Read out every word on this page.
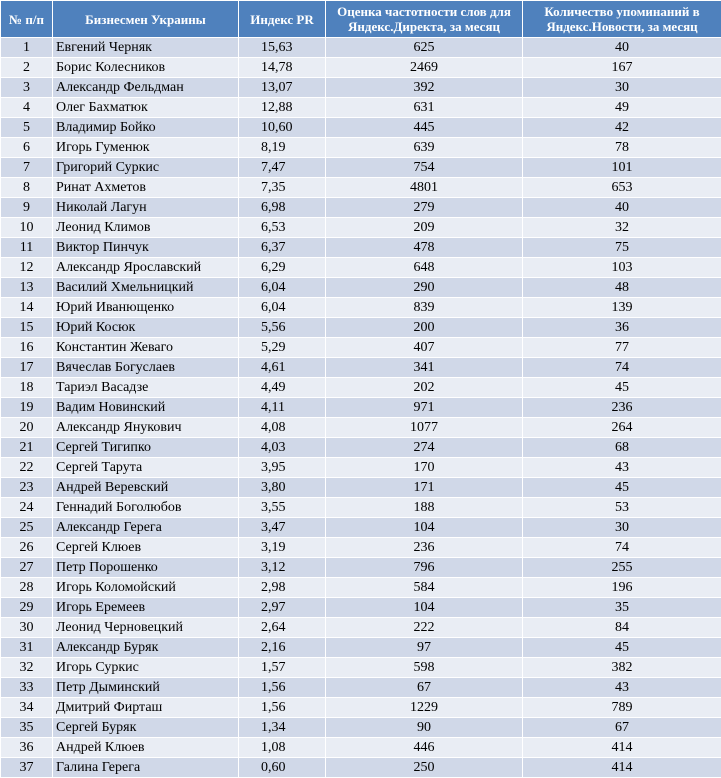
№ п/п	Бизнесмен Украины	Индекс PR	Оценка частотности слов для Яндекс.Директа, за месяц	Количество упоминаний в Яндекс.Новости, за месяц
1	Евгений Черняк	15,63	625	40
2	Борис Колесников	14,78	2469	167
3	Александр Фельдман	13,07	392	30
4	Олег Бахматюк	12,88	631	49
5	Владимир Бойко	10,60	445	42
6	Игорь Гуменюк	8,19	639	78
7	Григорий Суркис	7,47	754	101
8	Ринат Ахметов	7,35	4801	653
9	Николай Лагун	6,98	279	40
10	Леонид Климов	6,53	209	32
11	Виктор Пинчук	6,37	478	75
12	Александр Ярославский	6,29	648	103
13	Василий Хмельницкий	6,04	290	48
14	Юрий Иванющенко	6,04	839	139
15	Юрий Косюк	5,56	200	36
16	Константин Жеваго	5,29	407	77
17	Вячеслав Богуслаев	4,61	341	74
18	Тариэл Васадзе	4,49	202	45
19	Вадим Новинский	4,11	971	236
20	Александр Янукович	4,08	1077	264
21	Сергей Тигипко	4,03	274	68
22	Сергей Тарута	3,95	170	43
23	Андрей Веревский	3,80	171	45
24	Геннадий Боголюбов	3,55	188	53
25	Александр Герега	3,47	104	30
26	Сергей Клюев	3,19	236	74
27	Петр Порошенко	3,12	796	255
28	Игорь Коломойский	2,98	584	196
29	Игорь Еремеев	2,97	104	35
30	Леонид Черновецкий	2,64	222	84
31	Александр Буряк	2,16	97	45
32	Игорь Суркис	1,57	598	382
33	Петр Дыминский	1,56	67	43
34	Дмитрий Фирташ	1,56	1229	789
35	Сергей Буряк	1,34	90	67
36	Андрей Клюев	1,08	446	414
37	Галина Герега	0,60	250	414
